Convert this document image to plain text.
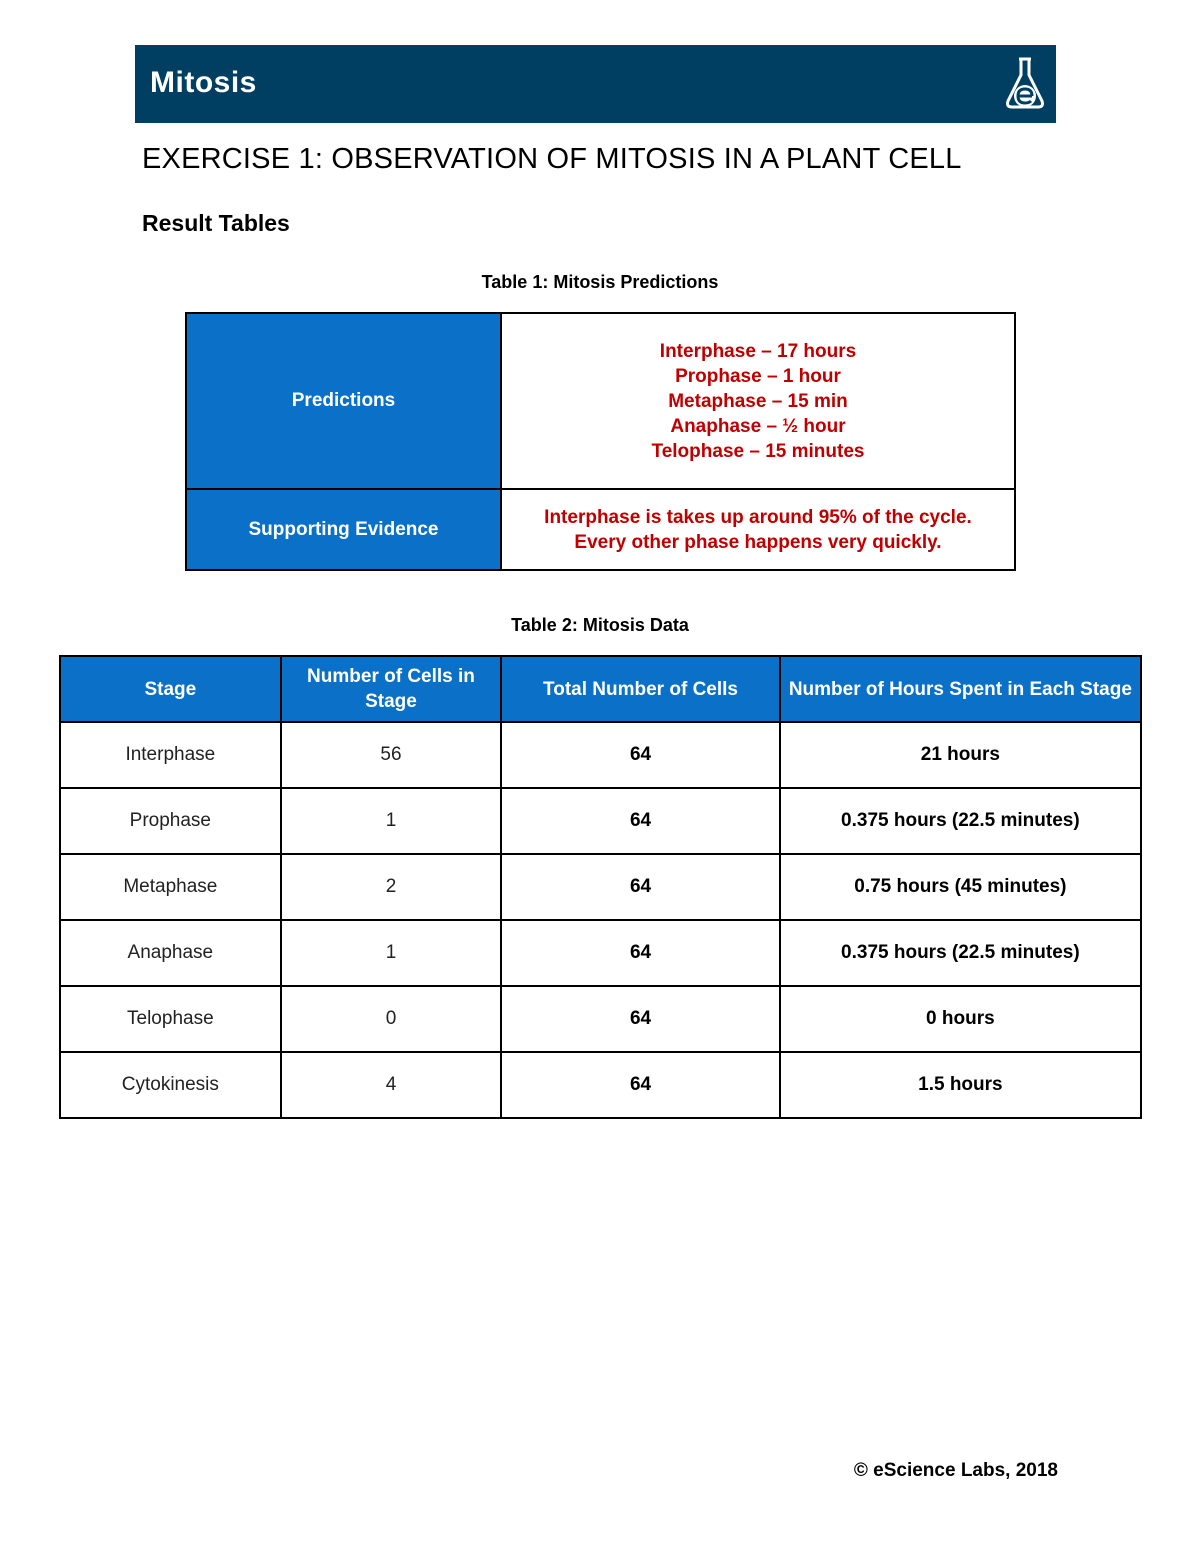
Mitosis
EXERCISE 1: OBSERVATION OF MITOSIS IN A PLANT CELL
Result Tables
Table 1: Mitosis Predictions
Predictions	Interphase – 17 hours
Prophase – 1 hour
Metaphase – 15 min
Anaphase – ½ hour
Telophase – 15 minutes

Supporting Evidence	Interphase is takes up around 95% of the cycle.
Every other phase happens very quickly.
Table 2: Mitosis Data
Stage	Number of Cells in Stage	Total Number of Cells	Number of Hours Spent in Each Stage
Interphase	56	64	21 hours
Prophase	1	64	0.375 hours (22.5 minutes)
Metaphase	2	64	0.75 hours (45 minutes)
Anaphase	1	64	0.375 hours (22.5 minutes)
Telophase	0	64	0 hours
Cytokinesis	4	64	1.5 hours
© eScience Labs, 2018
